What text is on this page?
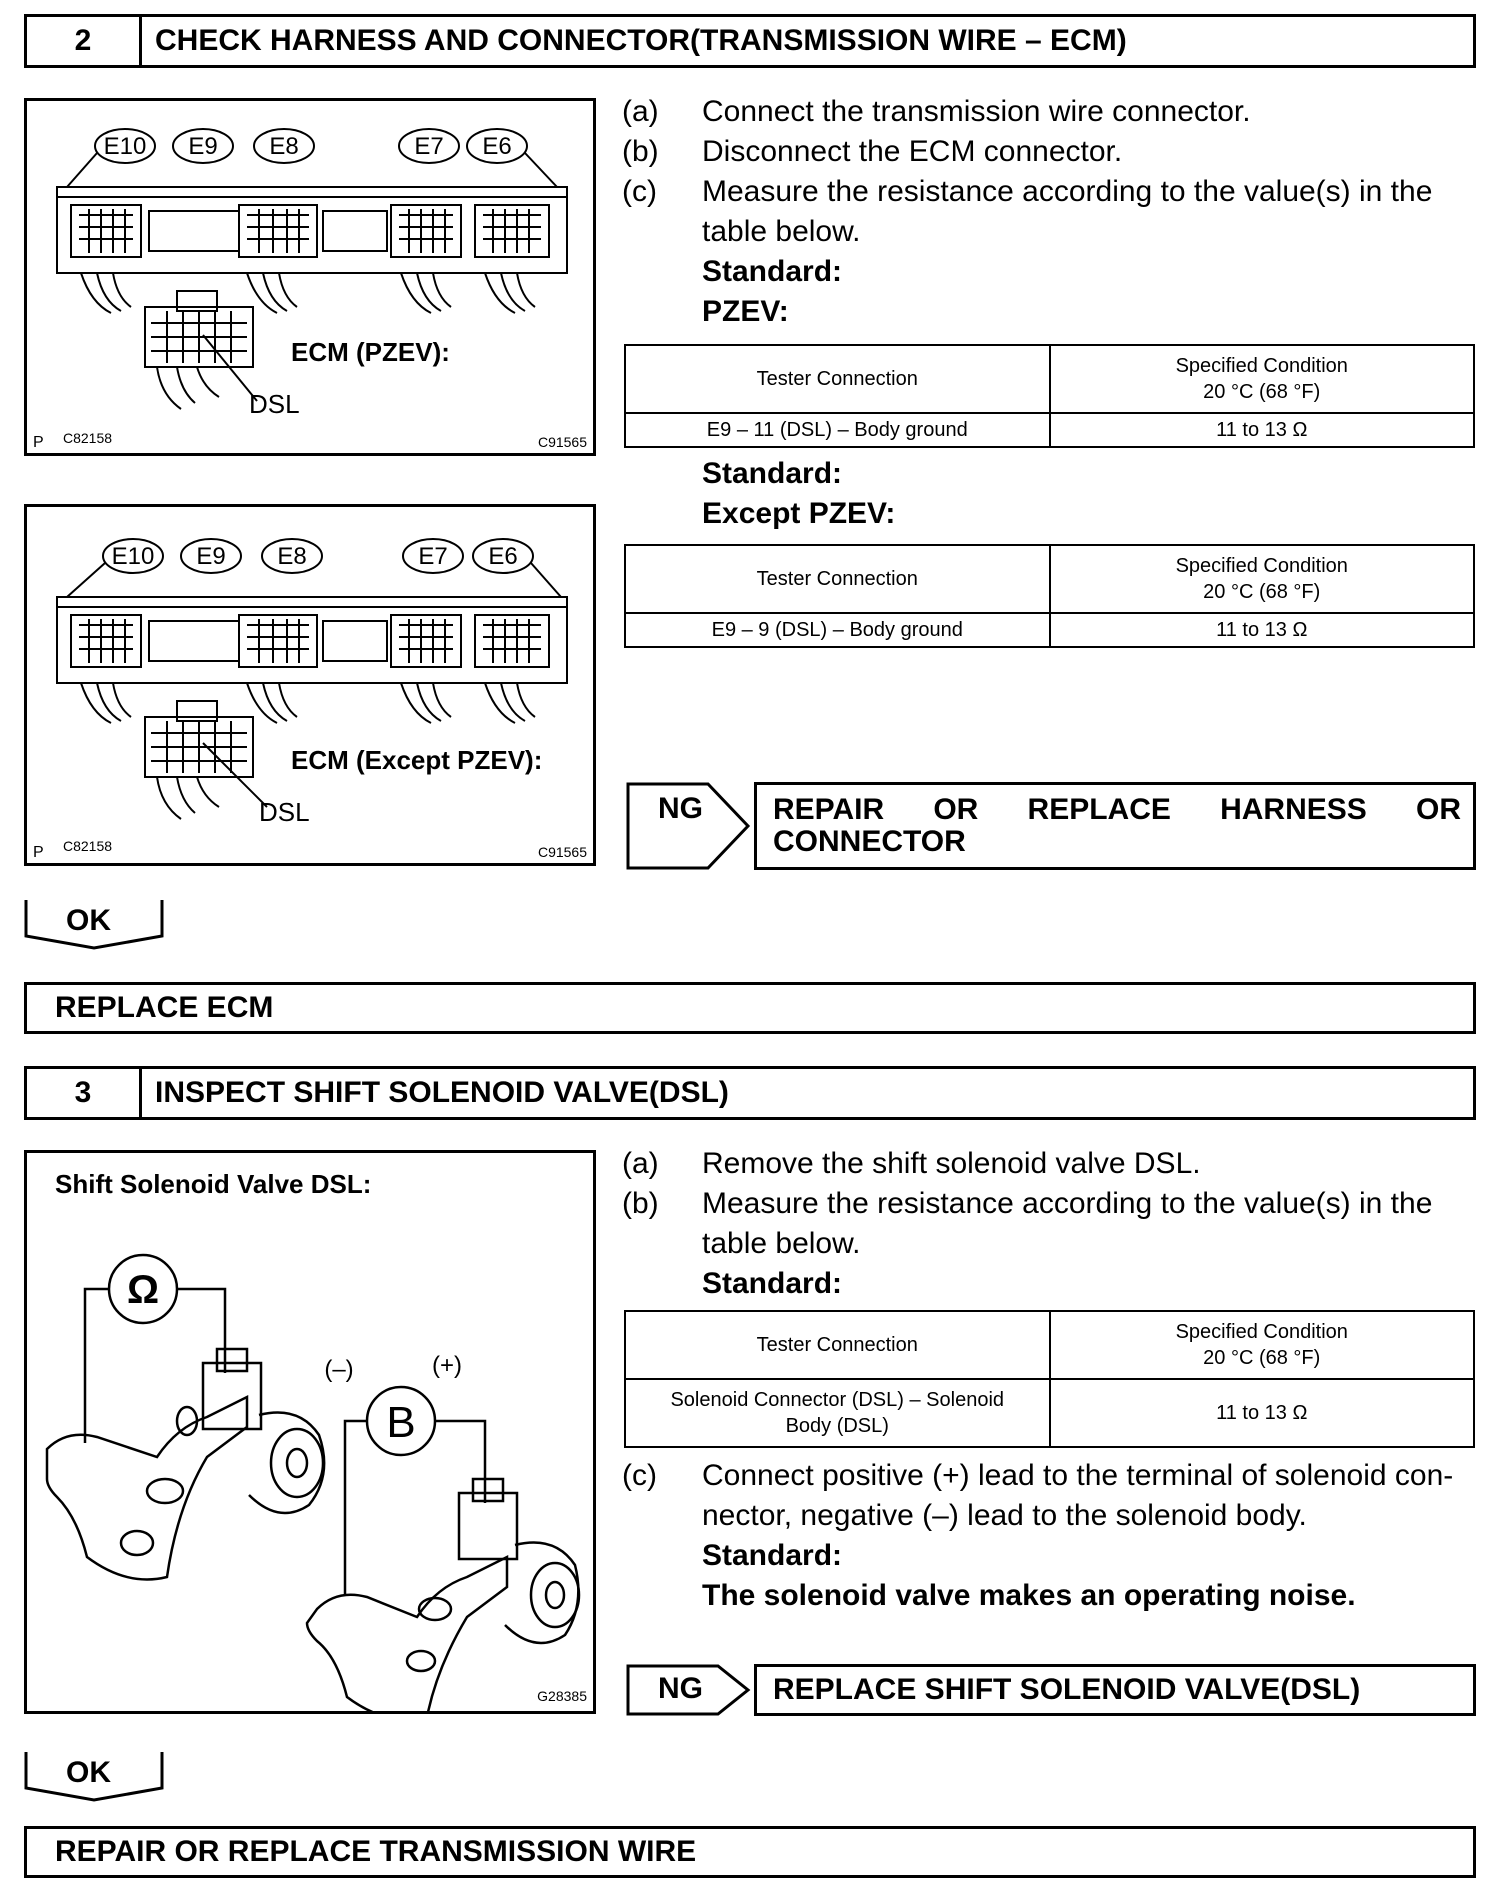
2	CHECK HARNESS AND CONNECTOR(TRANSMISSION WIRE – ECM)
E10 E9 E8	E7 E6
ECM (PZEV):
DSL
P C82158	C91565
E10 E9 E8	E7 E6
ECM (Except PZEV):
DSL
P C82158	C91565
(a) Connect the transmission wire connector.
(b) Disconnect the ECM connector.
(c) Measure the resistance according to the value(s) in the
table below.
Standard:
PZEV:
Tester Connection	Specified Condition
20 °C (68 °F)

E9 – 11 (DSL) – Body ground	11 to 13 Ω
Standard:
Except PZEV:
Tester Connection	Specified Condition
20 °C (68 °F)

E9 – 9 (DSL) – Body ground	11 to 13 Ω
NG REPAIR OR REPLACE HARNESS OR
CONNECTOR
OK
REPLACE ECM
3	INSPECT SHIFT SOLENOID VALVE(DSL)
Shift Solenoid Valve DSL:
Ω
B
(–)	(+)
G28385
(a) Remove the shift solenoid valve DSL.
(b) Measure the resistance according to the value(s) in the
table below.
Standard:
Tester Connection	Specified Condition
20 °C (68 °F)

Solenoid Connector (DSL) – Solenoid
Body (DSL)	11 to 13 Ω
(c) Connect positive (+) lead to the terminal of solenoid con-
nector, negative (–) lead to the solenoid body.
Standard:
The solenoid valve makes an operating noise.
NG	REPLACE SHIFT SOLENOID VALVE(DSL)
OK
REPAIR OR REPLACE TRANSMISSION WIRE
